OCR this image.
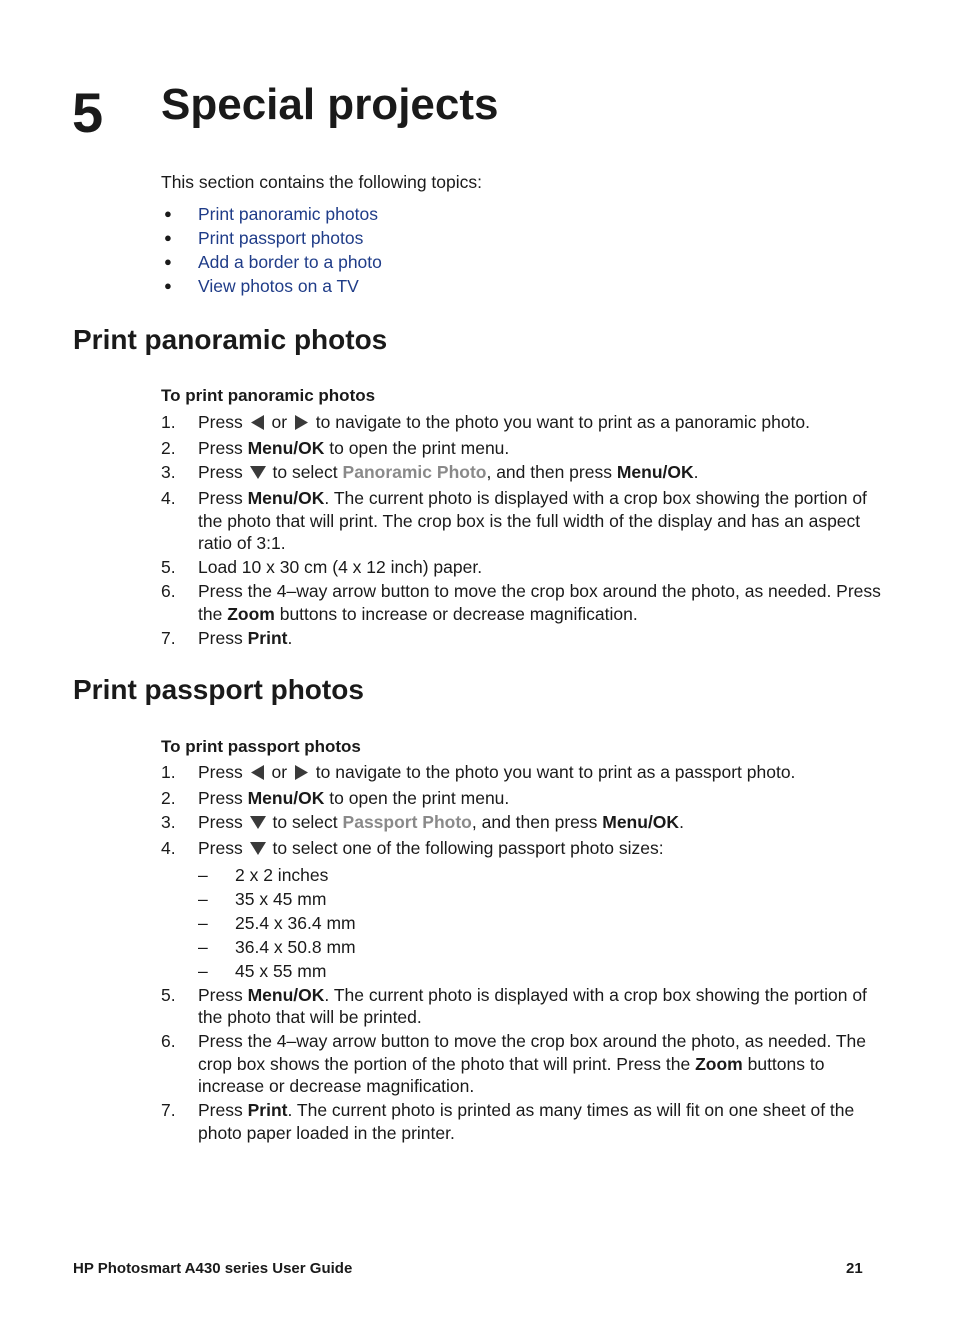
5 Special projects
This section contains the following topics:
● Print panoramic photos
● Print passport photos
● Add a border to a photo
● View photos on a TV
Print panoramic photos
To print panoramic photos
1. Press or to navigate to the photo you want to print as a panoramic photo.
2. Press Menu/OK to open the print menu.
3. Press to select Panoramic Photo, and then press Menu/OK.
4. Press Menu/OK. The current photo is displayed with a crop box showing the portion of the photo that will print. The crop box is the full width of the display and has an aspect ratio of 3:1.
5. Load 10 x 30 cm (4 x 12 inch) paper.
6. Press the 4–way arrow button to move the crop box around the photo, as needed. Press the Zoom buttons to increase or decrease magnification.
7. Press Print.
Print passport photos
To print passport photos
1. Press or to navigate to the photo you want to print as a passport photo.
2. Press Menu/OK to open the print menu.
3. Press to select Passport Photo, and then press Menu/OK.
4. Press to select one of the following passport photo sizes:
– 2 x 2 inches
– 35 x 45 mm
– 25.4 x 36.4 mm
– 36.4 x 50.8 mm
– 45 x 55 mm
5. Press Menu/OK. The current photo is displayed with a crop box showing the portion of the photo that will be printed.
6. Press the 4–way arrow button to move the crop box around the photo, as needed. The crop box shows the portion of the photo that will print. Press the Zoom buttons to increase or decrease magnification.
7. Press Print. The current photo is printed as many times as will fit on one sheet of the photo paper loaded in the printer.
HP Photosmart A430 series User Guide	21
